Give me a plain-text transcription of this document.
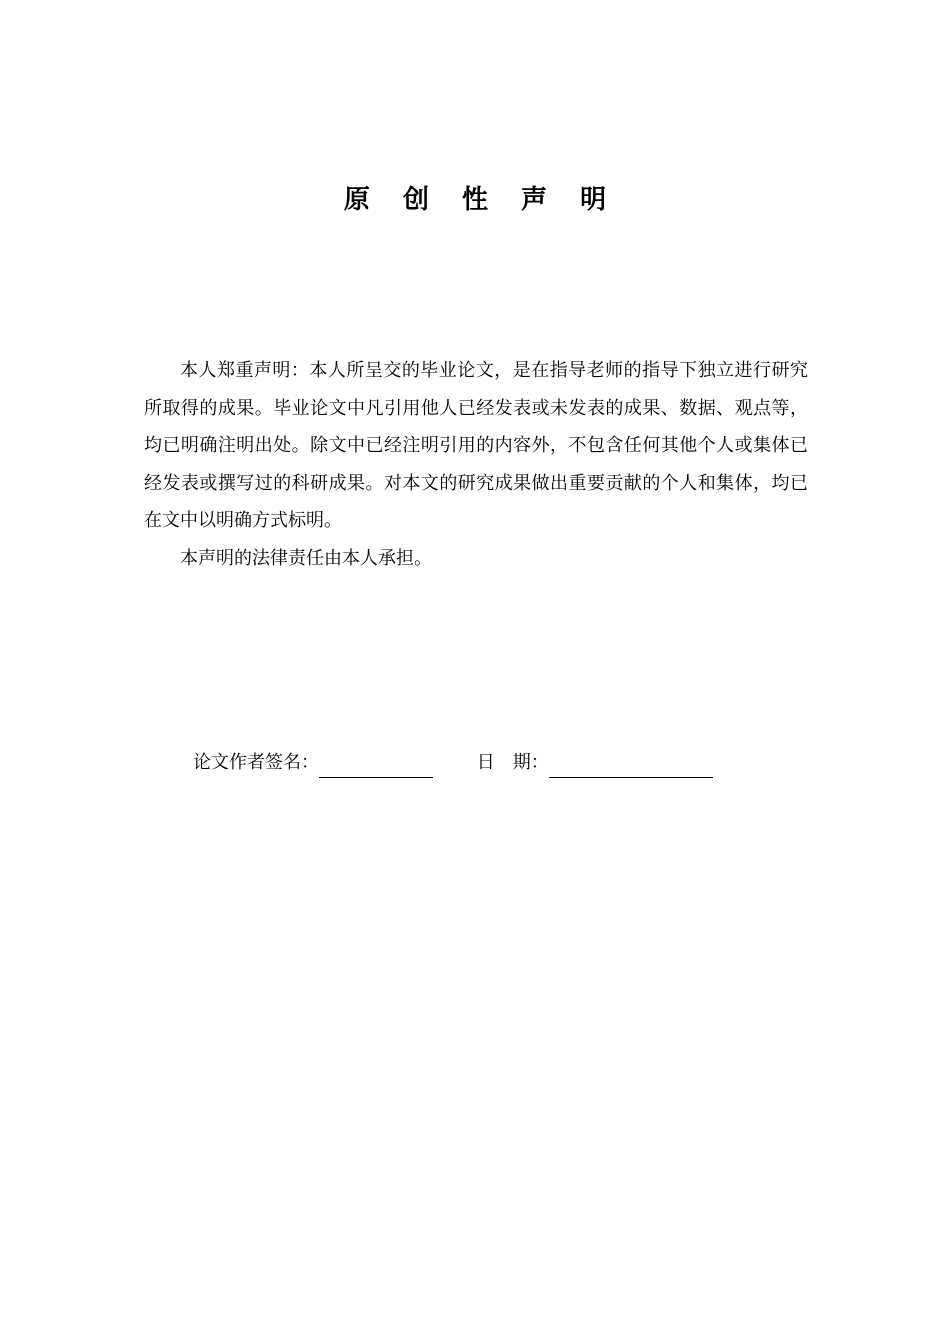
原 创 性 声 明

本人郑重声明：本人所呈交的毕业论文，是在指导老师的指导下独立进行研究所取得的成果。毕业论文中凡引用他人已经发表或未发表的成果、数据、观点等，均已明确注明出处。除文中已经注明引用的内容外，不包含任何其他个人或集体已经发表或撰写过的科研成果。对本文的研究成果做出重要贡献的个人和集体，均已在文中以明确方式标明。

本声明的法律责任由本人承担。

论文作者签名：	日　期：
